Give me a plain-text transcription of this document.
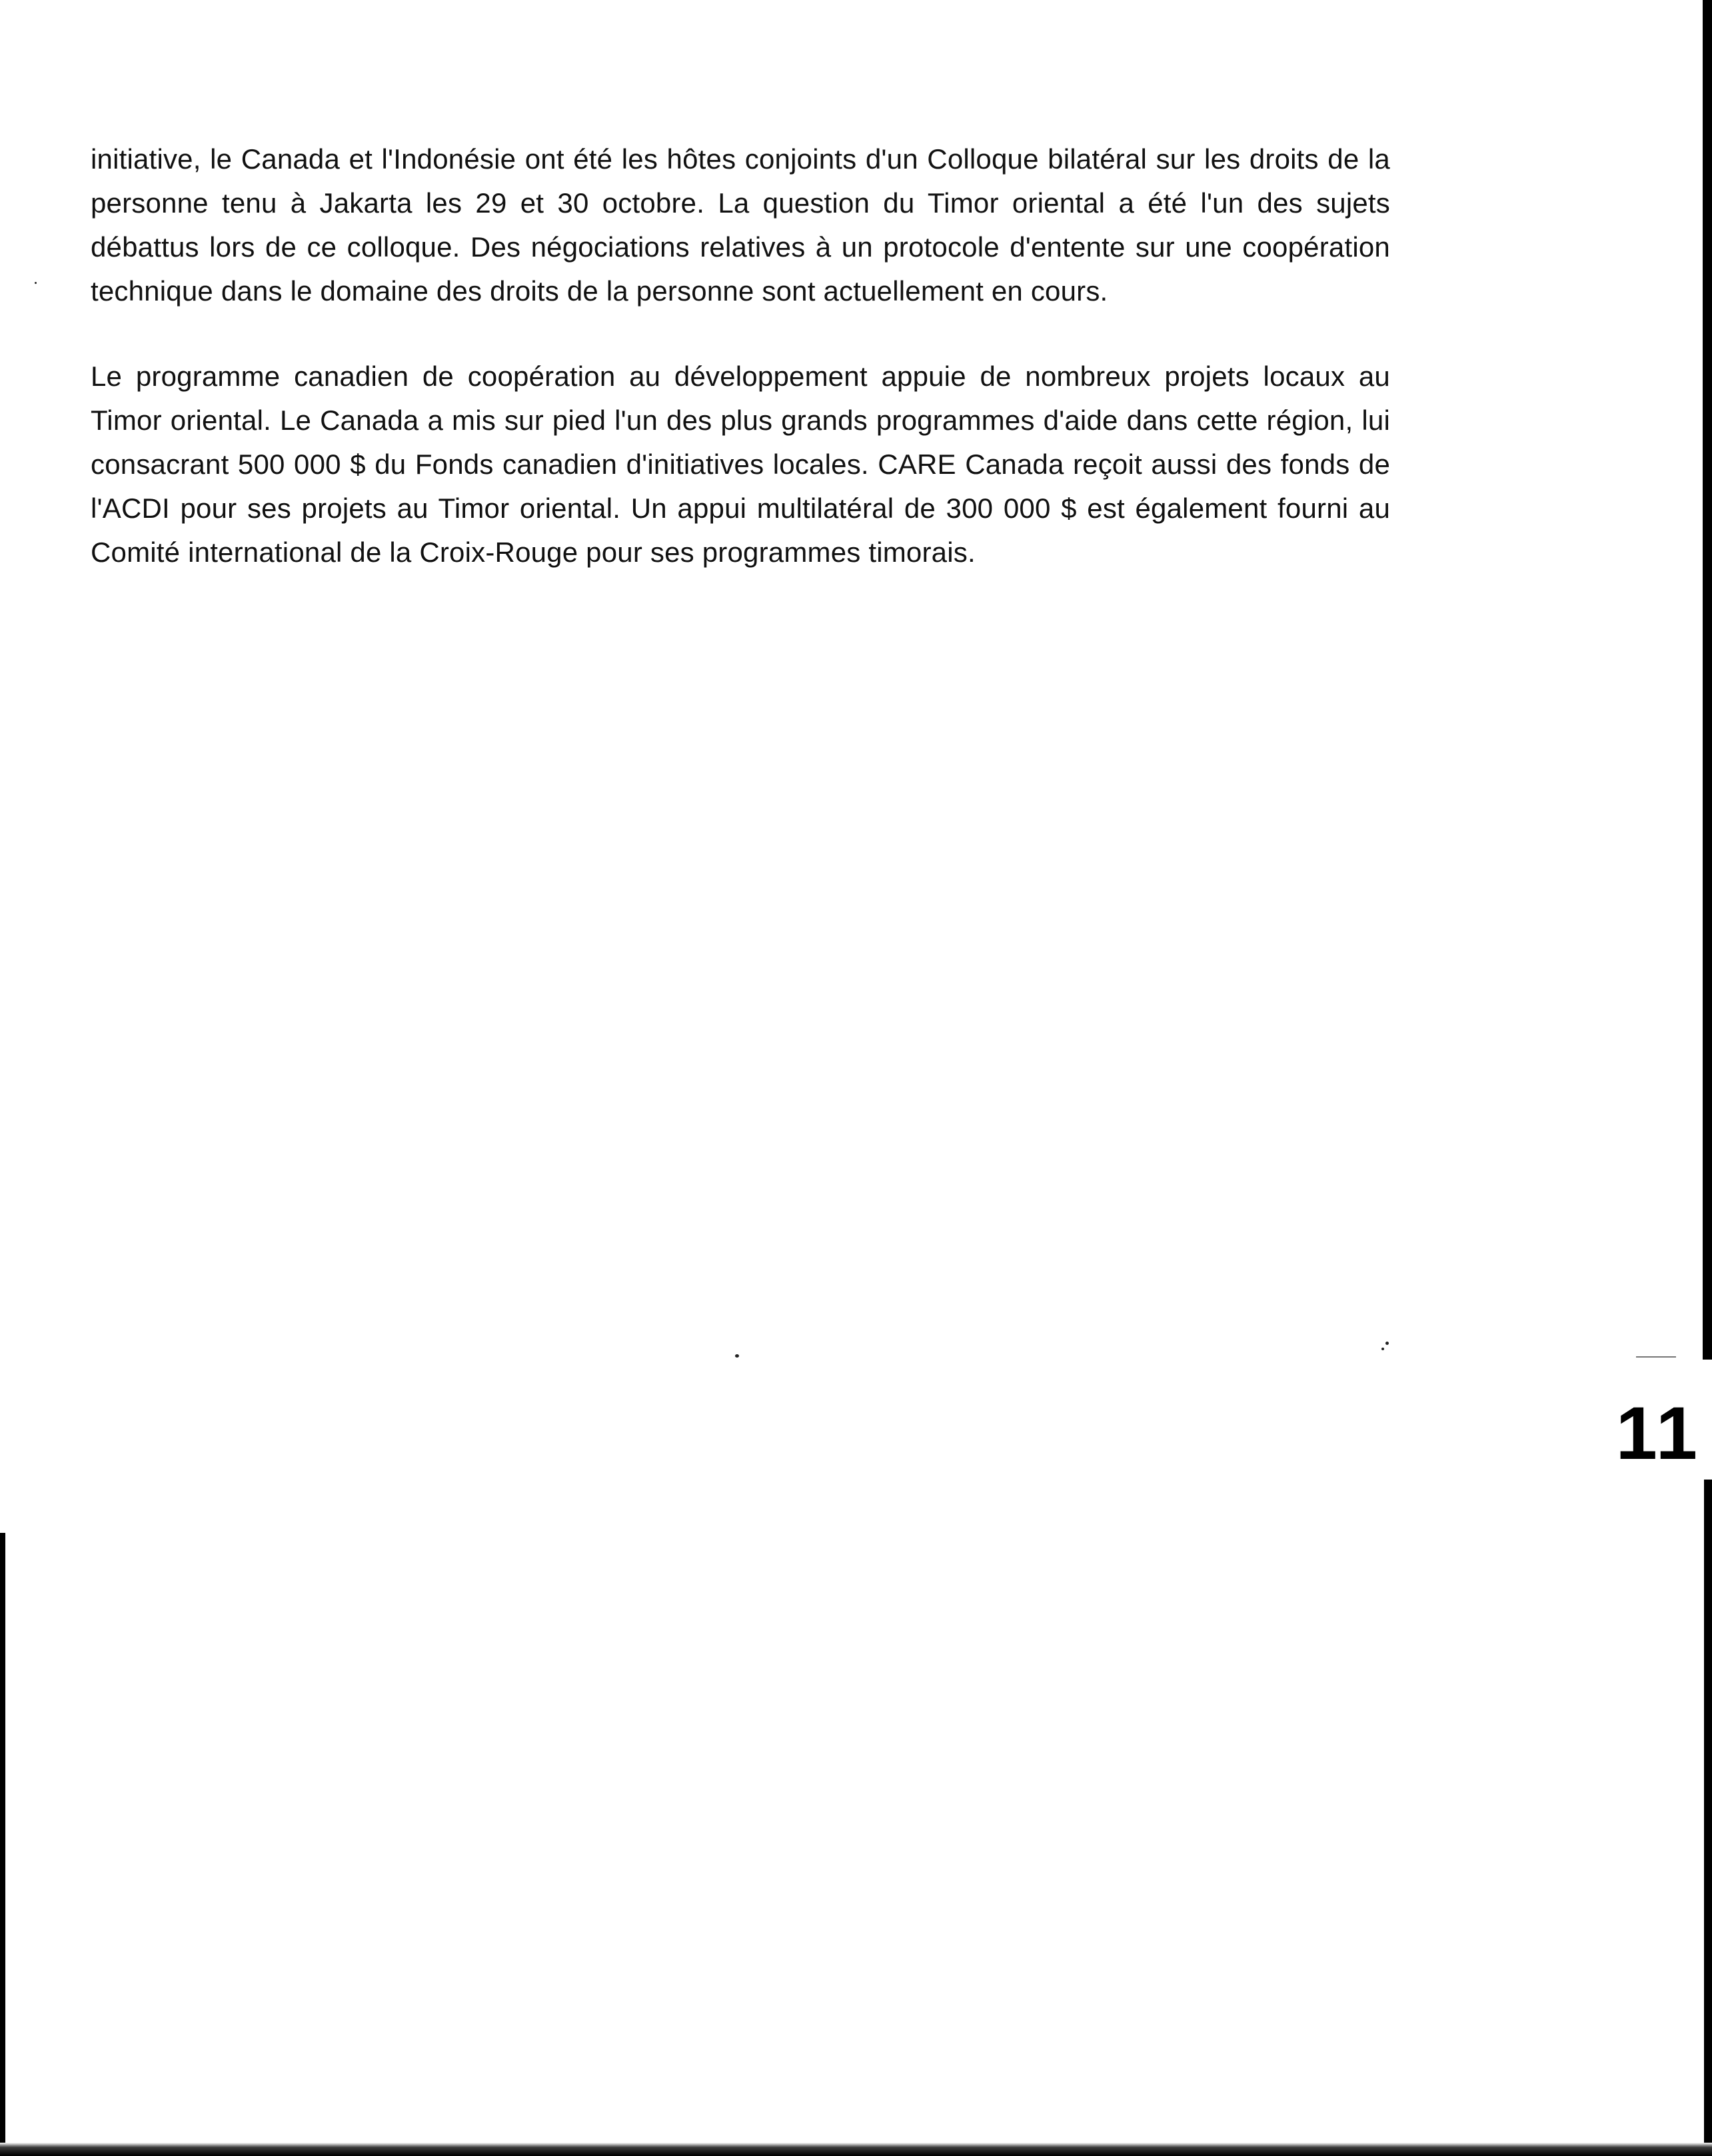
initiative, le Canada et l'Indonésie ont été les hôtes conjoints d'un Colloque bilatéral sur les droits de la personne tenu à Jakarta les 29 et 30 octobre. La question du Timor oriental a été l'un des sujets débattus lors de ce colloque. Des négociations relatives à un protocole d'entente sur une coopération technique dans le domaine des droits de la personne sont actuellement en cours.

Le programme canadien de coopération au développement appuie de nombreux projets locaux au Timor oriental. Le Canada a mis sur pied l'un des plus grands programmes d'aide dans cette région, lui consacrant 500 000 $ du Fonds canadien d'initiatives locales. CARE Canada reçoit aussi des fonds de l'ACDI pour ses projets au Timor oriental. Un appui multilatéral de 300 000 $ est également fourni au Comité international de la Croix-Rouge pour ses programmes timorais.

11
